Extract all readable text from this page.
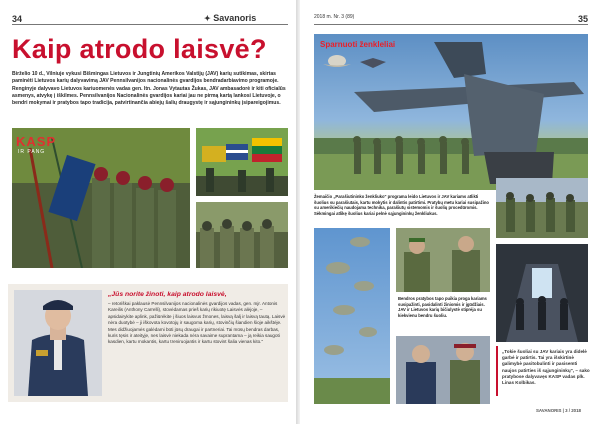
34	✦ Savanoris
Kaip atrodo laisvė?
Birželio 10 d., Vilniuje vykusi Bišmingas Lietuvos ir Jungtinių Amerikos Valstijų (JAV) karių sutikimas, skirtas paminėti Lietuvos karių dalyvavimą JAV Pennsilvanijos nacionalinės gvardijos bendradarbiavimo programoje. Renginyje dalyvavo Lietuvos kariuomenės vadas gen. ltn. Jonas Vytautas Žukas, JAV ambasadorė ir kiti oficialūs asmenys, atvykę į iškilmes. Pennsilvanijos Nacionalinės gvardijos kariai jau ne pirmą kartą lankosi Lietuvoje, o bendri mokymai ir pratybos tapo tradicija, patvirtinančia abiejų šalių draugystę ir sąjungininkų įsipareigojimus.
KASP
IR PANG
„Jūs norite žinoti, kaip atrodo laisvė,
– retoriškai paklausė Pennsilvanijos nacionalinės gvardijos vadas, gen. mjr. Antonis Kareilis (Anthony Carrelli), stovėdamas prieš karių rikiuotę Laisvės alėjoje, – apsidairykite aplink, pažiūrėkite į šiuos laisvus žmones, laisvą šalį ir laisvą tautą. Laisvė nėra duotybė – ji iškovota kovotojų ir saugoma karių, stovinčių šiandien šioje aikštėje. Mes didžiuojamės galėdami būti jūsų draugai ir partneriai. Tai mūsų bendras darbas, kuris tęsis ir ateityje, nes laisvė niekada nėra savaime suprantama – ją reikia saugoti kasdien, kartu mokantis, kartu treniruojantis ir kartu stovint šalia vienas kito."
2018 m. Nr. 3 (89)	35
Sparnuoti ženkleliai
Žemaičio „Parašiutininko ženkliuko" programa leido Lietuvos ir JAV kariams atlikti šuolius su parašiutais, kartu mokytis ir dalintis patirtimi. Pratybų metu kariai susipažino su amerikiečių naudojama technika, parašiutų sistemomis ir šuolių procedūromis. Sėkmingai atlikę šuolius kariai pelnė sąjungininkų ženkliukus.
Bendros pratybos tapo puikia proga kariams susipažinti, pasidalinti žiniomis ir įgūdžiais. JAV ir Lietuvos karių bičiulystė stiprėja su kiekvienu bendru šuoliu.
„Tokie šuoliai su JAV kariais yra didelė garbė ir patirtis. Tai yra išskirtinė galimybė pasitobulinti ir pasisemti naujos patirties iš sąjungininkų", – sako pratybose dalyvavęs KASP vadas plk. Linas Kolbikas.
SAVANORIS | 3 / 2018
